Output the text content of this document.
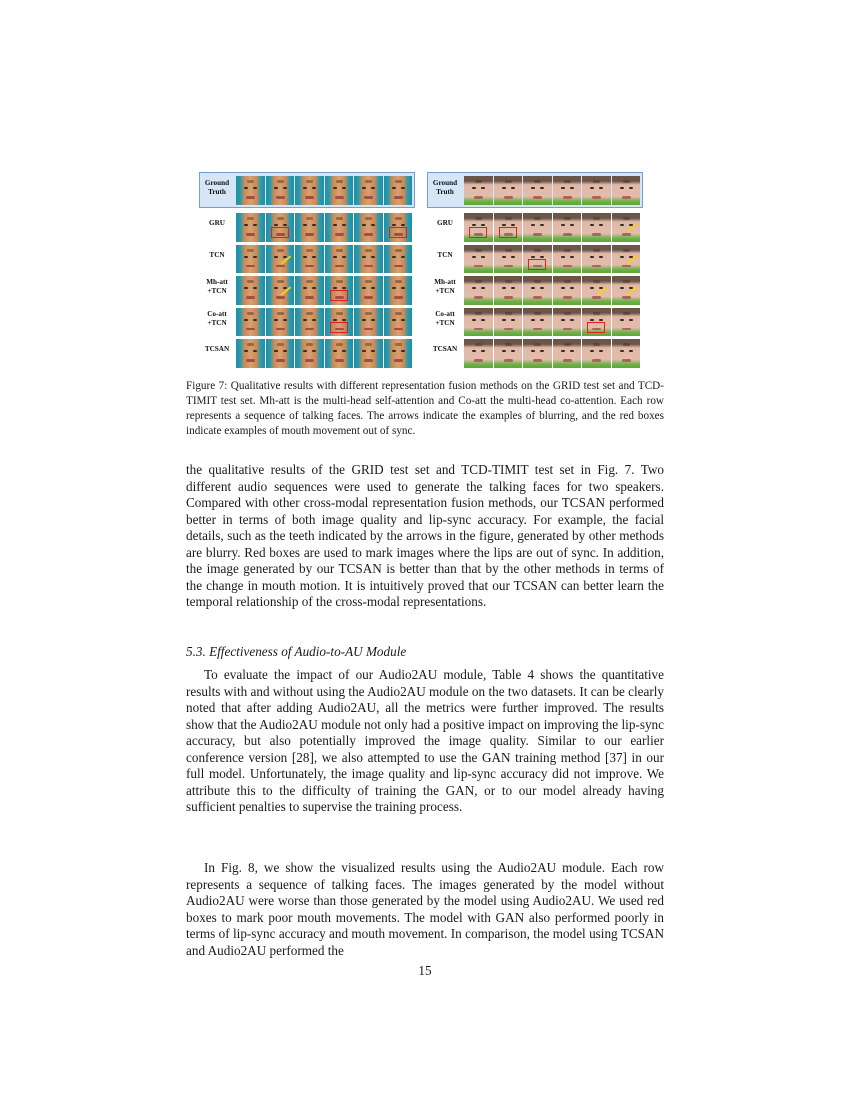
Ground
Truth
GRU
TCN
Mh-att
+TCN
Co-att
+TCN
TCSAN
Ground
Truth
GRU
TCN
Mh-att
+TCN
Co-att
+TCN
TCSAN
Figure 7: Qualitative results with different representation fusion methods on the GRID test set and TCD-TIMIT test set. Mh-att is the multi-head self-attention and Co-att the multi-head co-attention. Each row represents a sequence of talking faces. The arrows indicate the examples of blurring, and the red boxes indicate examples of mouth movement out of sync.

the qualitative results of the GRID test set and TCD-TIMIT test set in Fig. 7. Two different audio sequences were used to generate the talking faces for two speakers. Compared with other cross-modal representation fusion methods, our TCSAN performed better in terms of both image quality and lip-sync accuracy. For example, the facial details, such as the teeth indicated by the arrows in the figure, generated by other methods are blurry. Red boxes are used to mark images where the lips are out of sync. In addition, the image generated by our TCSAN is better than that by the other methods in terms of the change in mouth motion. It is intuitively proved that our TCSAN can better learn the temporal relationship of the cross-modal representations.

5.3. Effectiveness of Audio-to-AU Module

To evaluate the impact of our Audio2AU module, Table 4 shows the quantitative results with and without using the Audio2AU module on the two datasets. It can be clearly noted that after adding Audio2AU, all the metrics were further improved. The results show that the Audio2AU module not only had a positive impact on improving the lip-sync accuracy, but also potentially improved the image quality. Similar to our earlier conference version [28], we also attempted to use the GAN training method [37] in our full model. Unfortunately, the image quality and lip-sync accuracy did not improve. We attribute this to the difficulty of training the GAN, or to our model already having sufficient penalties to supervise the training process.

In Fig. 8, we show the visualized results using the Audio2AU module. Each row represents a sequence of talking faces. The images generated by the model without Audio2AU were worse than those generated by the model using Audio2AU. We used red boxes to mark poor mouth movements. The model with GAN also performed poorly in terms of lip-sync accuracy and mouth movement. In comparison, the model using TCSAN and Audio2AU performed the

15
